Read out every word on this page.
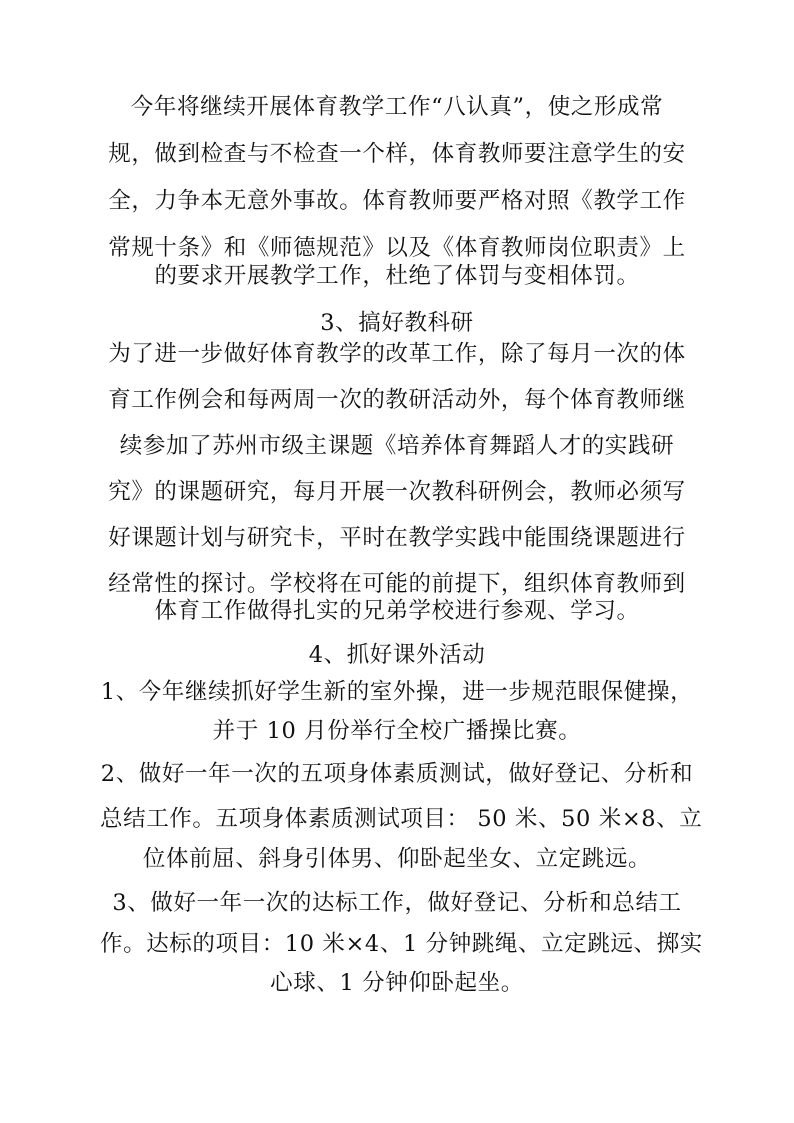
今年将继续开展体育教学工作“八认真”，使之形成常
规，做到检查与不检查一个样，体育教师要注意学生的安
全，力争本无意外事故。体育教师要严格对照《教学工作
常规十条》和《师德规范》以及《体育教师岗位职责》上
的要求开展教学工作，杜绝了体罚与变相体罚。
3、搞好教科研
为了进一步做好体育教学的改革工作，除了每月一次的体
育工作例会和每两周一次的教研活动外，每个体育教师继
续参加了苏州市级主课题《培养体育舞蹈人才的实践研
究》的课题研究，每月开展一次教科研例会，教师必须写
好课题计划与研究卡，平时在教学实践中能围绕课题进行
经常性的探讨。学校将在可能的前提下，组织体育教师到
体育工作做得扎实的兄弟学校进行参观、学习。
4、抓好课外活动
1、今年继续抓好学生新的室外操，进一步规范眼保健操，
并于 10 月份举行全校广播操比赛。
2、做好一年一次的五项身体素质测试，做好登记、分析和
总结工作。五项身体素质测试项目： 50 米、50 米×8、立
位体前屈、斜身引体男、仰卧起坐女、立定跳远。
3、做好一年一次的达标工作，做好登记、分析和总结工
作。达标的项目：10 米×4、1 分钟跳绳、立定跳远、掷实
心球、1 分钟仰卧起坐。
